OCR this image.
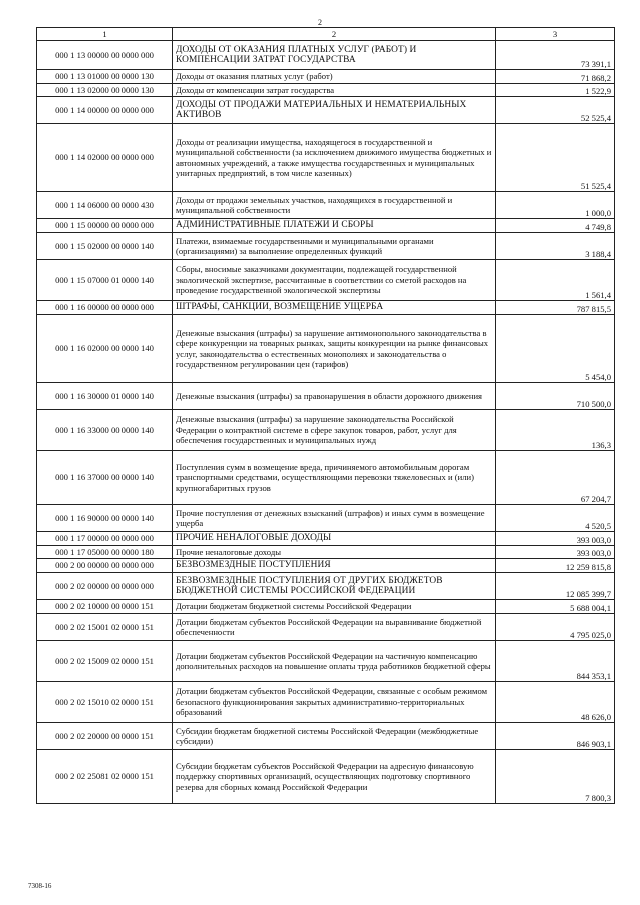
2
1	2	3
000 1 13 00000 00 0000 000	ДОХОДЫ ОТ ОКАЗАНИЯ ПЛАТНЫХ УСЛУГ (РАБОТ) И КОМПЕНСАЦИИ ЗАТРАТ ГОСУДАРСТВА	73 391,1
000 1 13 01000 00 0000 130	Доходы от оказания платных услуг (работ)	71 868,2
000 1 13 02000 00 0000 130	Доходы от компенсации затрат государства	1 522,9
000 1 14 00000 00 0000 000	ДОХОДЫ ОТ ПРОДАЖИ МАТЕРИАЛЬНЫХ И НЕМАТЕРИАЛЬНЫХ АКТИВОВ	52 525,4
000 1 14 02000 00 0000 000	Доходы от реализации имущества, находящегося в государственной и муниципальной собственности (за исключением движимого имущества бюджетных и автономных учреждений, а также имущества государственных и муниципальных унитарных предприятий, в том числе казенных)	51 525,4
000 1 14 06000 00 0000 430	Доходы от продажи земельных участков, находящихся в государственной и муниципальной собственности	1 000,0
000 1 15 00000 00 0000 000	АДМИНИСТРАТИВНЫЕ ПЛАТЕЖИ И СБОРЫ	4 749,8
000 1 15 02000 00 0000 140	Платежи, взимаемые государственными и муниципальными органами (организациями) за выполнение определенных функций	3 188,4
000 1 15 07000 01 0000 140	Сборы, вносимые заказчиками документации, подлежащей государственной экологической экспертизе, рассчитанные в соответствии со сметой расходов на проведение государственной экологической экспертизы	1 561,4
000 1 16 00000 00 0000 000	ШТРАФЫ, САНКЦИИ, ВОЗМЕЩЕНИЕ УЩЕРБА	787 815,5
000 1 16 02000 00 0000 140	Денежные взыскания (штрафы) за нарушение антимонопольного законодательства в сфере конкуренции на товарных рынках, защиты конкуренции на рынке финансовых услуг, законодательства о естественных монополиях и законодательства о государственном регулировании цен (тарифов)	5 454,0
000 1 16 30000 01 0000 140	Денежные взыскания (штрафы) за правонарушения в области дорожного движения	710 500,0
000 1 16 33000 00 0000 140	Денежные взыскания (штрафы) за нарушение законодательства Российской Федерации о контрактной системе в сфере закупок товаров, работ, услуг для обеспечения государственных и муниципальных нужд	136,3
000 1 16 37000 00 0000 140	Поступления сумм в возмещение вреда, причиняемого автомобильным дорогам транспортными средствами, осуществляющими перевозки тяжеловесных и (или) крупногабаритных грузов	67 204,7
000 1 16 90000 00 0000 140	Прочие поступления от денежных взысканий (штрафов) и иных сумм в возмещение ущерба	4 520,5
000 1 17 00000 00 0000 000	ПРОЧИЕ НЕНАЛОГОВЫЕ ДОХОДЫ	393 003,0
000 1 17 05000 00 0000 180	Прочие неналоговые доходы	393 003,0
000 2 00 00000 00 0000 000	БЕЗВОЗМЕЗДНЫЕ ПОСТУПЛЕНИЯ	12 259 815,8
000 2 02 00000 00 0000 000	БЕЗВОЗМЕЗДНЫЕ ПОСТУПЛЕНИЯ ОТ ДРУГИХ БЮДЖЕТОВ БЮДЖЕТНОЙ СИСТЕМЫ РОССИЙСКОЙ ФЕДЕРАЦИИ	12 085 399,7
000 2 02 10000 00 0000 151	Дотации бюджетам бюджетной системы Российской Федерации	5 688 004,1
000 2 02 15001 02 0000 151	Дотации бюджетам субъектов Российской Федерации на выравнивание бюджетной обеспеченности	4 795 025,0
000 2 02 15009 02 0000 151	Дотации бюджетам субъектов Российской Федерации на частичную компенсацию дополнительных расходов на повышение оплаты труда работников бюджетной сферы	844 353,1
000 2 02 15010 02 0000 151	Дотации бюджетам субъектов Российской Федерации, связанные с особым режимом безопасного функционирования закрытых административно-территориальных образований	48 626,0
000 2 02 20000 00 0000 151	Субсидии бюджетам бюджетной системы Российской Федерации (межбюджетные субсидии)	846 903,1
000 2 02 25081 02 0000 151	Субсидии бюджетам субъектов Российской Федерации на адресную финансовую поддержку спортивных организаций, осуществляющих подготовку спортивного резерва для сборных команд Российской Федерации	7 800,3
7308-16
